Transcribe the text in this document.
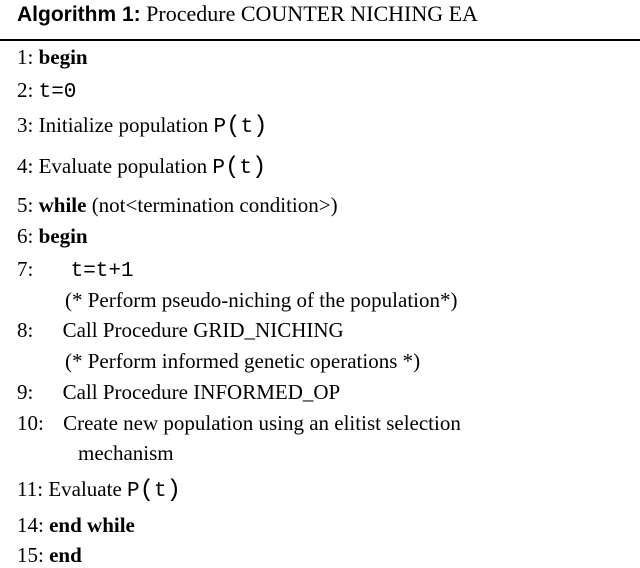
Algorithm 1: Procedure COUNTER NICHING EA
1: begin
2: t=0
3: Initialize population P(t)
4: Evaluate population P(t)
5: while (not<termination condition>)
6: begin
7: t=t+1
(* Perform pseudo-niching of the population*)
8: Call Procedure GRID_NICHING
(* Perform informed genetic operations *)
9: Call Procedure INFORMED_OP
10: Create new population using an elitist selection
mechanism
11: Evaluate P(t)
14: end while
15: end
